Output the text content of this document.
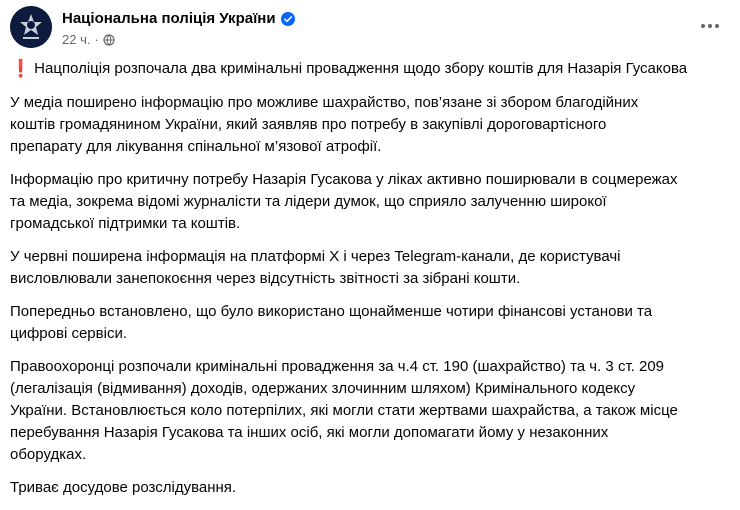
Національна поліція України
22 ч. ·
❗ Нацполіція розпочала два кримінальні провадження щодо збору коштів для Назарія Гусакова

У медіа поширено інформацію про можливе шахрайство, пов’язане зі збором благодійних
коштів громадянином України, який заявляв про потребу в закупівлі дороговартісного
препарату для лікування спінальної м’язової атрофії.

Інформацію про критичну потребу Назарія Гусакова у ліках активно поширювали в соцмережах
та медіа, зокрема відомі журналісти та лідери думок, що сприяло залученню широкої
громадської підтримки та коштів.

У червні поширена інформація на платформі X і через Telegram-канали, де користувачі
висловлювали занепокоєння через відсутність звітності за зібрані кошти.

Попередньо встановлено, що було використано щонайменше чотири фінансові установи та
цифрові сервіси.

Правоохоронці розпочали кримінальні провадження за ч.4 ст. 190 (шахрайство) та ч. 3 ст. 209
(легалізація (відмивання) доходів, одержаних злочинним шляхом) Кримінального кодексу
України. Встановлюється коло потерпілих, які могли стати жертвами шахрайства, а також місце
перебування Назарія Гусакова та інших осіб, які могли допомагати йому у незаконних
оборудках.

Триває досудове розслідування.
